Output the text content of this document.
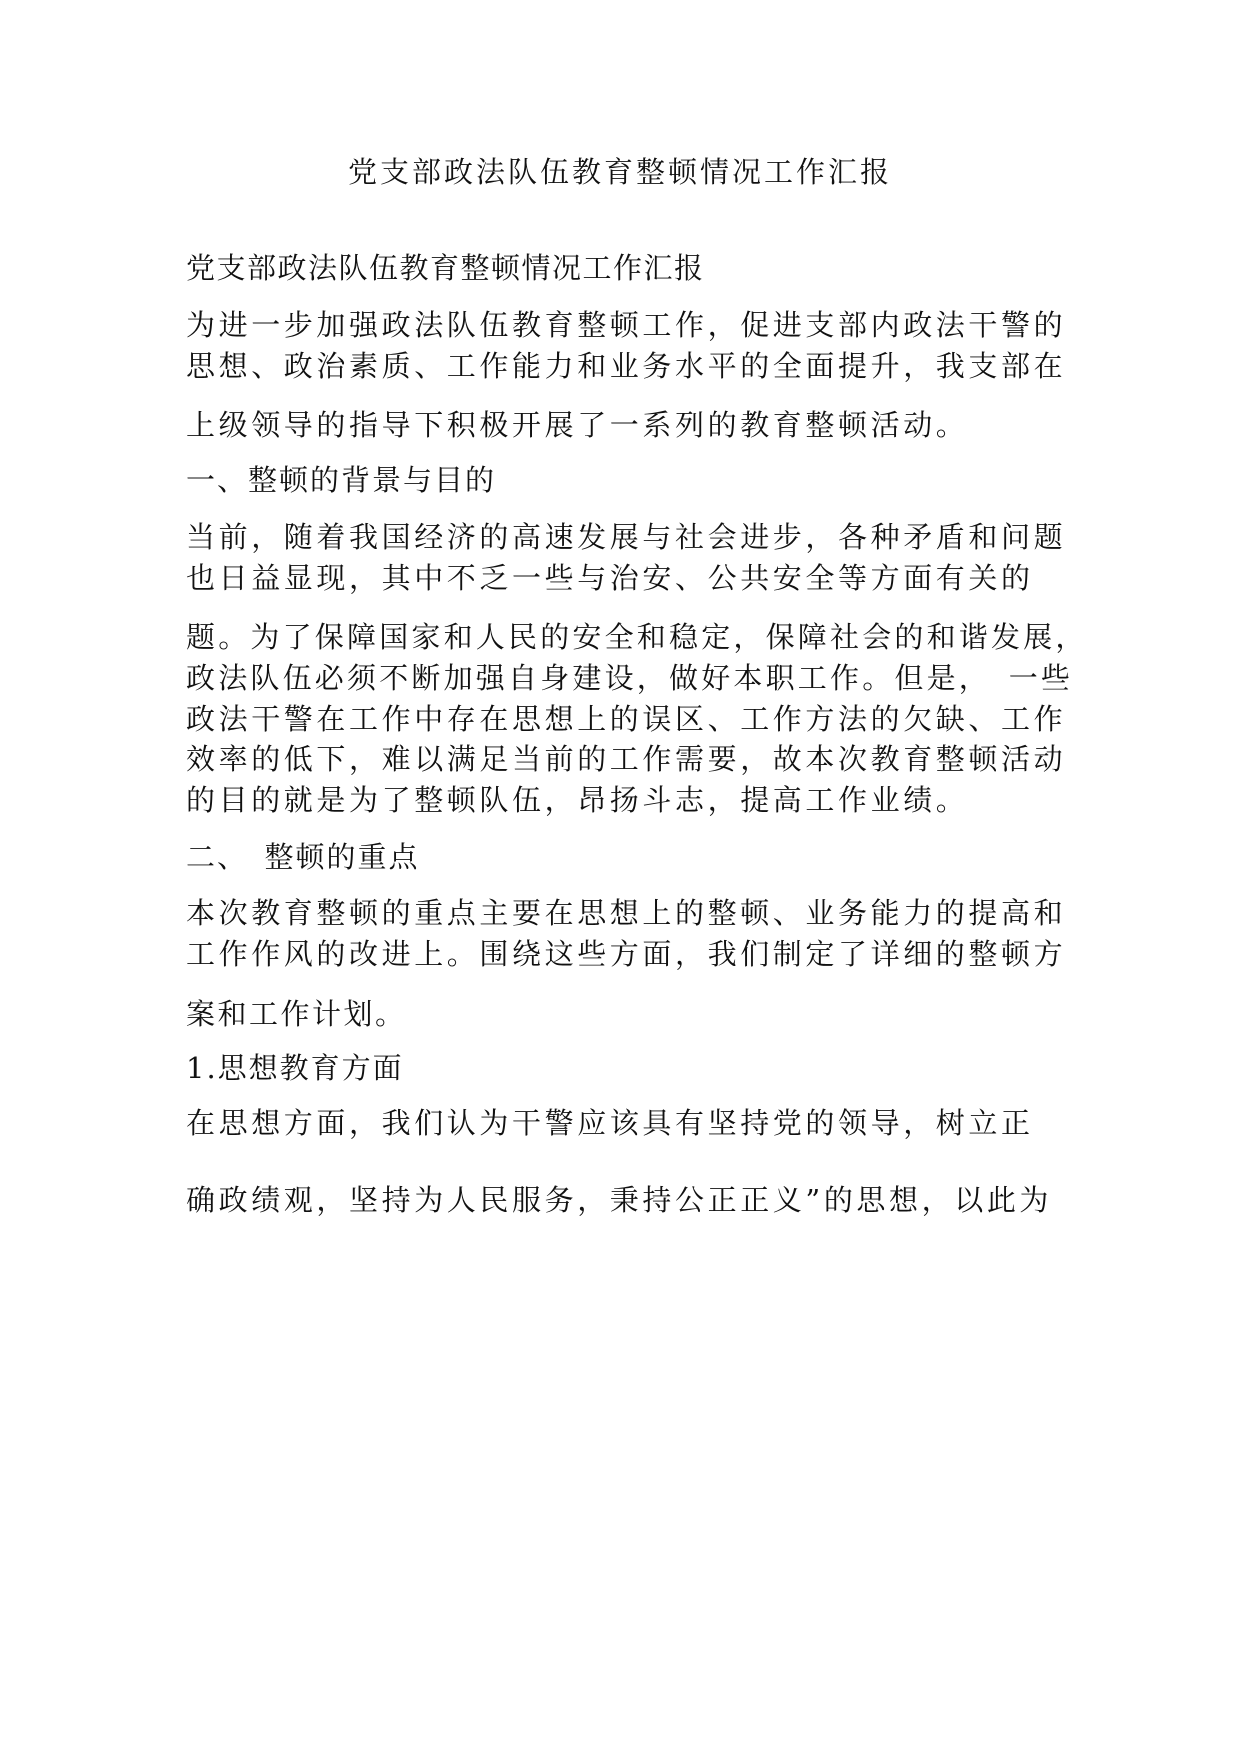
党支部政法队伍教育整顿情况工作汇报

党支部政法队伍教育整顿情况工作汇报

为进一步加强政法队伍教育整顿工作，促进支部内政法干警的

思想、政治素质、工作能力和业务水平的全面提升，我支部在

上级领导的指导下积极开展了一系列的教育整顿活动。

一、整顿的背景与目的

当前，随着我国经济的高速发展与社会进步，各种矛盾和问题

也日益显现，其中不乏一些与治安、公共安全等方面有关的

题。为了保障国家和人民的安全和稳定，保障社会的和谐发展，

政法队伍必须不断加强自身建设，做好本职工作。但是，　一些

政法干警在工作中存在思想上的误区、工作方法的欠缺、工作

效率的低下，难以满足当前的工作需要，故本次教育整顿活动

的目的就是为了整顿队伍，昂扬斗志，提高工作业绩。

二、　整顿的重点

本次教育整顿的重点主要在思想上的整顿、业务能力的提高和

工作作风的改进上。围绕这些方面，我们制定了详细的整顿方

案和工作计划。

1.思想教育方面

在思想方面，我们认为干警应该具有坚持党的领导，树立正

确政绩观，坚持为人民服务，秉持公正正义”的思想，以此为
